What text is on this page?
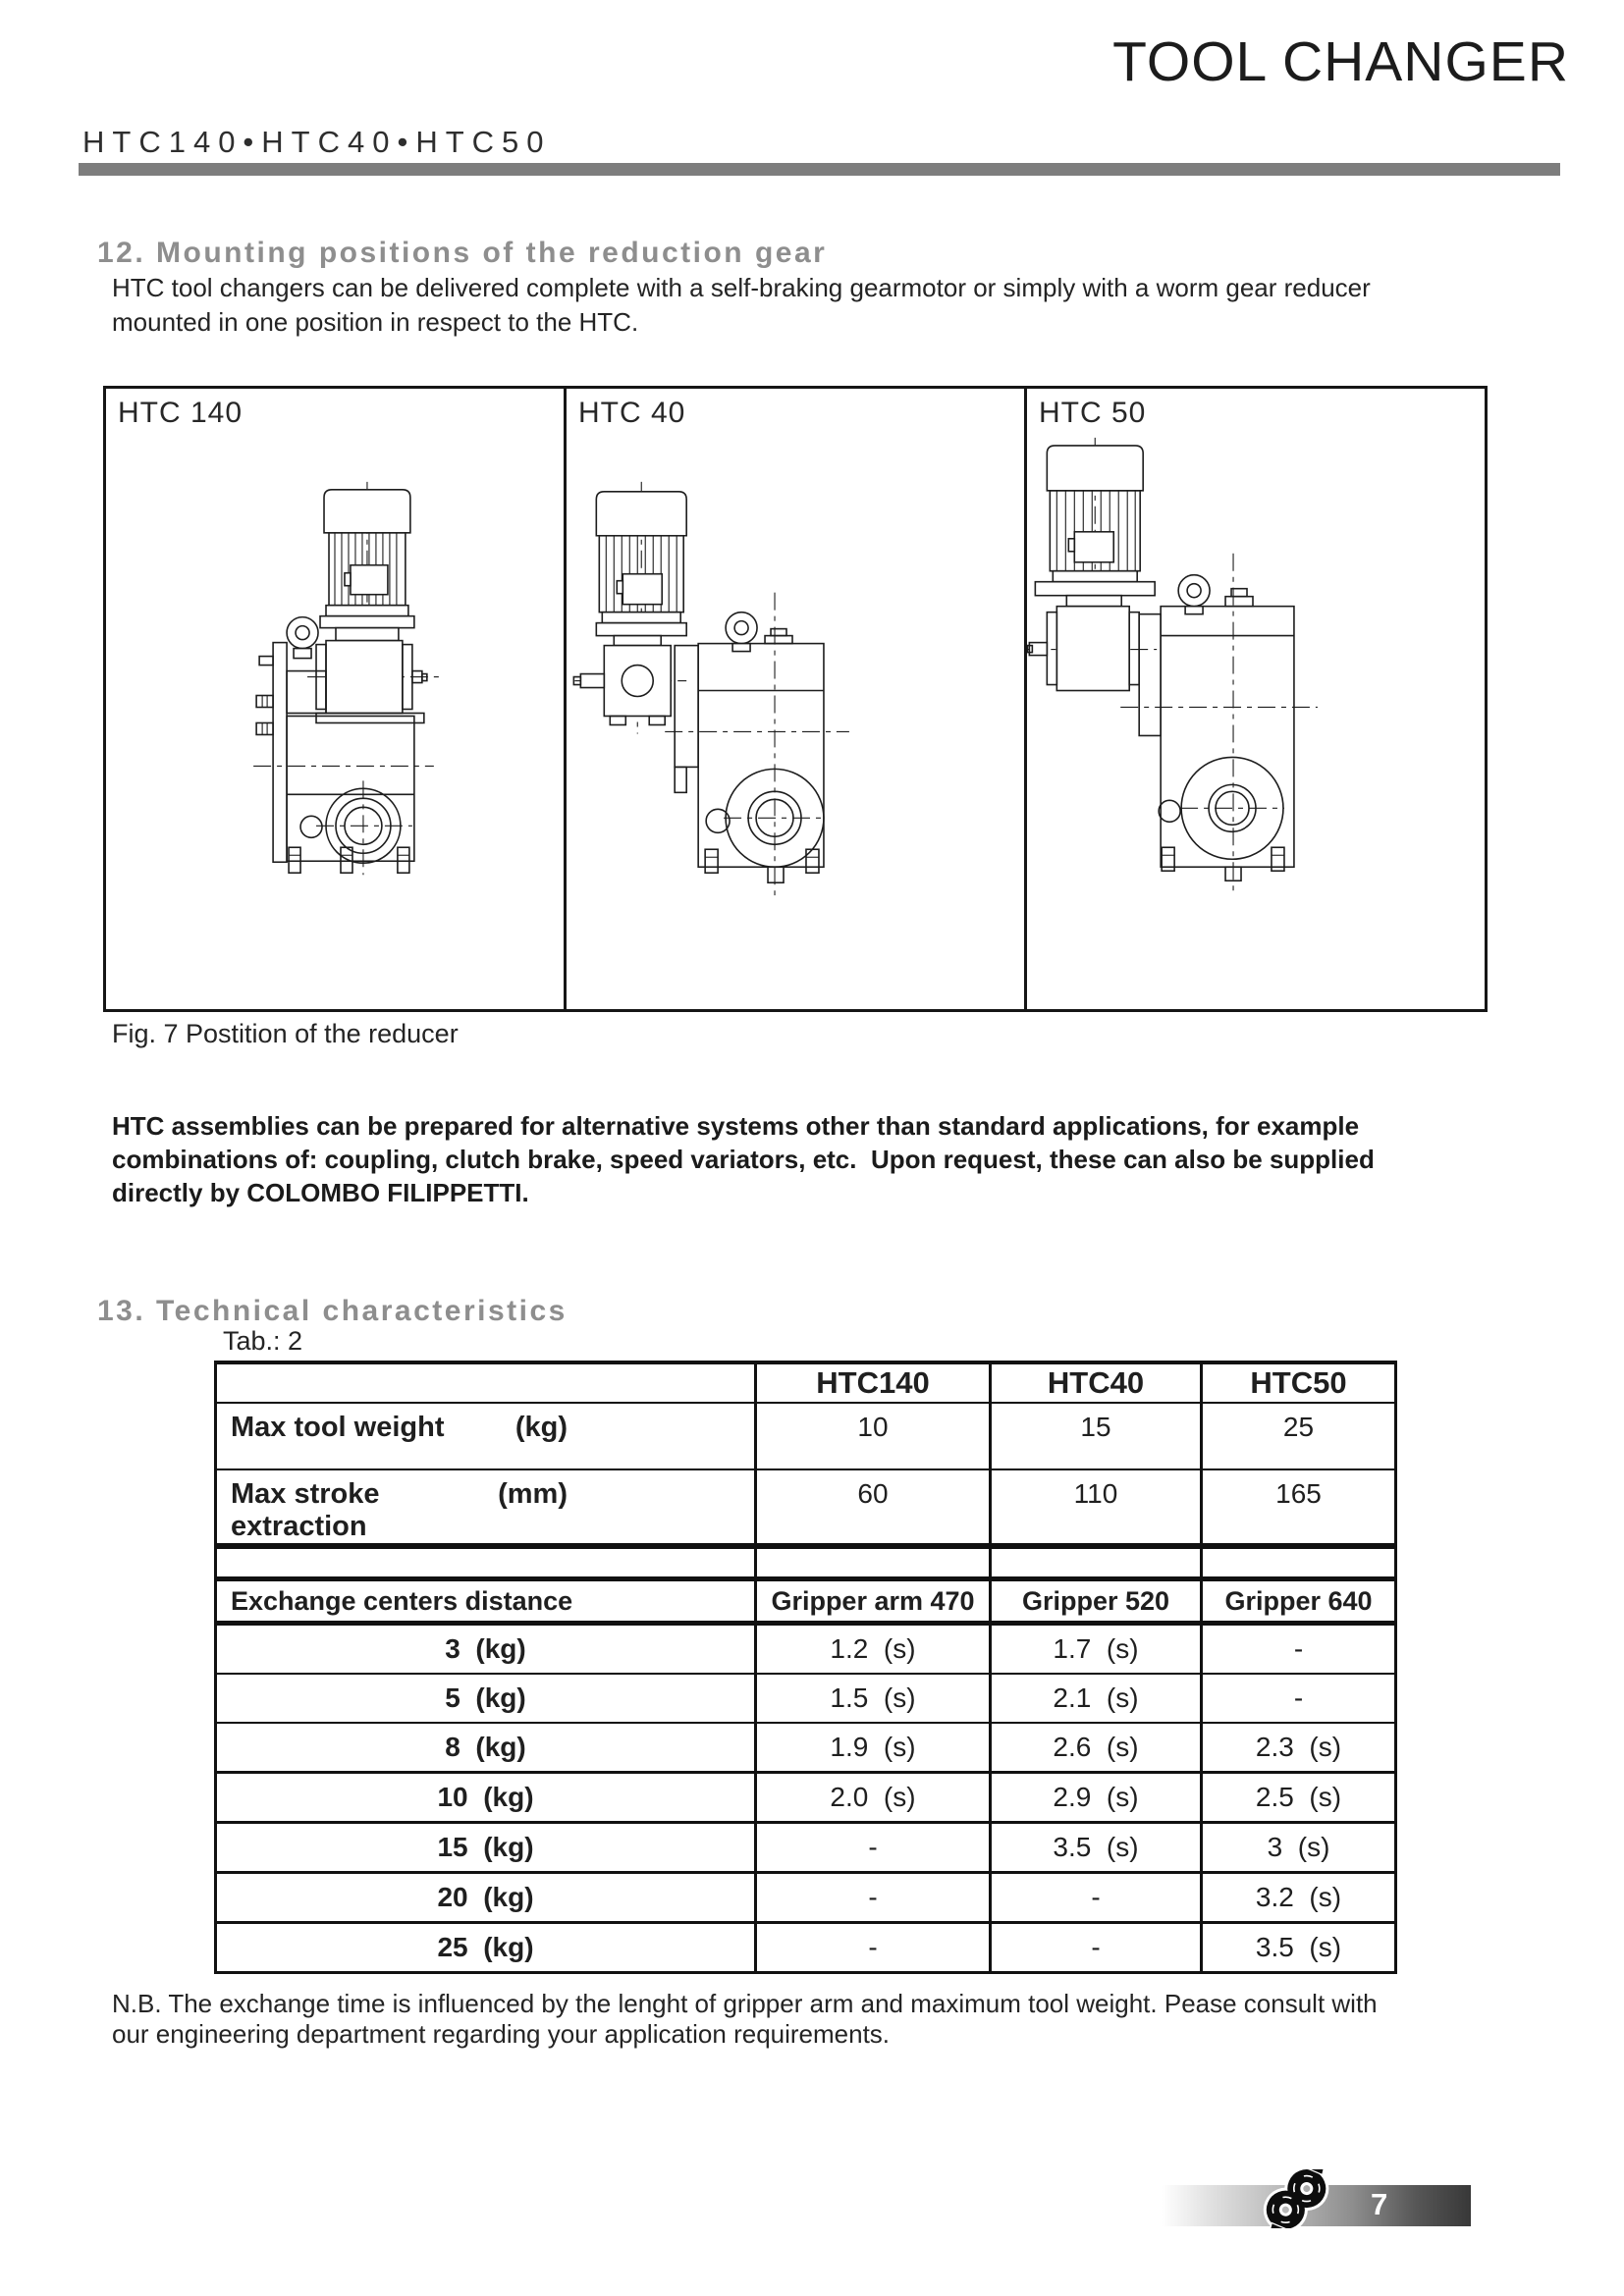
TOOL CHANGER
HTC140•HTC40•HTC50
12. Mounting positions of the reduction gear
HTC tool changers can be delivered complete with a self-braking gearmotor or simply with a worm gear reducer
mounted in one position in respect to the HTC.
HTC 140	HTC 40	HTC 50
Fig. 7 Postition of the reducer
HTC assemblies can be prepared for alternative systems other than standard applications, for example
combinations of: coupling, clutch brake, speed variators, etc.  Upon request, these can also be supplied
directly by COLOMBO FILIPPETTI.
13. Technical characteristics
Tab.: 2
	HTC140	HTC40	HTC50

Max tool weight (kg)	10	15	25

Max stroke extraction
(mm)	60	110	165

Exchange centers distance	Gripper arm 470	Gripper 520	Gripper 640
3  (kg)	1.2  (s)	1.7  (s)	-
5  (kg)	1.5  (s)	2.1  (s)	-
8  (kg)	1.9  (s)	2.6  (s)	2.3  (s)
10  (kg)	2.0  (s)	2.9  (s)	2.5  (s)
15  (kg)	-	3.5  (s)	3  (s)
20  (kg)	-	-	3.2  (s)
25  (kg)	-	-	3.5  (s)
N.B. The exchange time is influenced by the lenght of gripper arm and maximum tool weight. Pease consult with
our engineering department regarding your application requirements.
7
